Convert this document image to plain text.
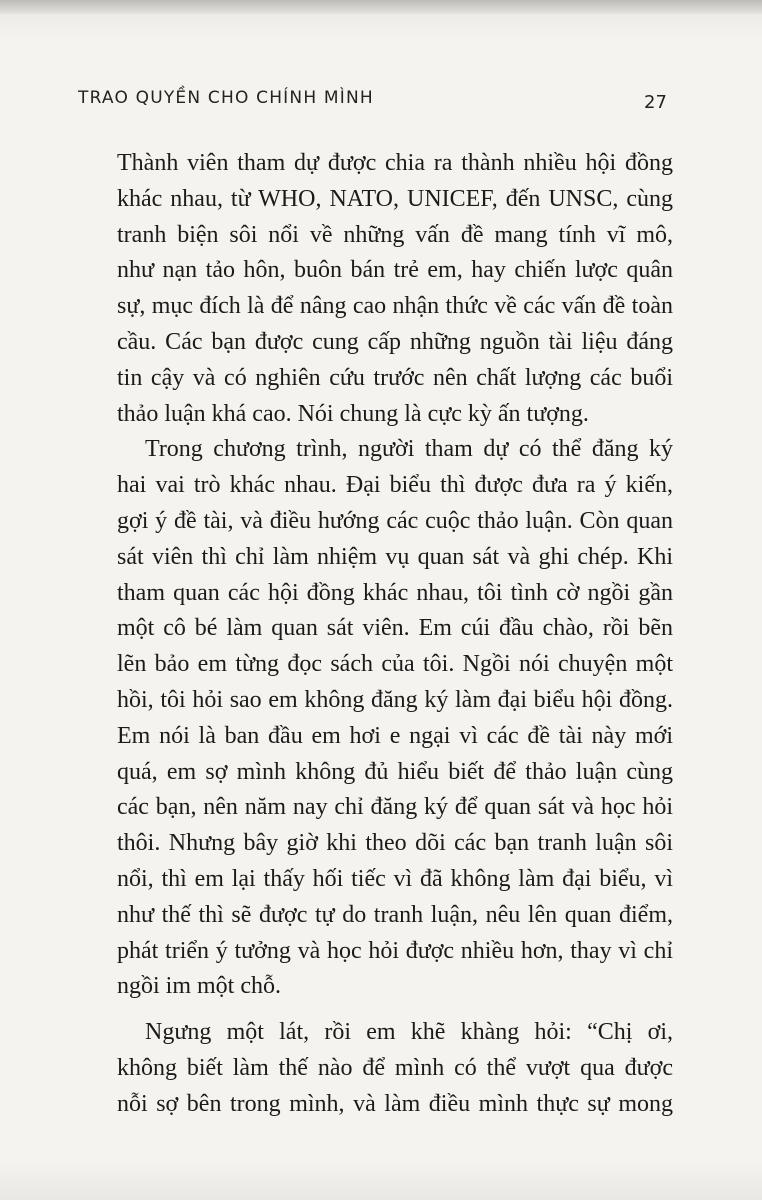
TRAO QUYỀN CHO CHÍNH MÌNH	27
Thành viên tham dự được chia ra thành nhiều hội đồng
khác nhau, từ WHO, NATO, UNICEF, đến UNSC, cùng
tranh biện sôi nổi về những vấn đề mang tính vĩ mô,
như nạn tảo hôn, buôn bán trẻ em, hay chiến lược quân
sự, mục đích là để nâng cao nhận thức về các vấn đề toàn
cầu. Các bạn được cung cấp những nguồn tài liệu đáng
tin cậy và có nghiên cứu trước nên chất lượng các buổi
thảo luận khá cao. Nói chung là cực kỳ ấn tượng.
Trong chương trình, người tham dự có thể đăng ký
hai vai trò khác nhau. Đại biểu thì được đưa ra ý kiến,
gợi ý đề tài, và điều hướng các cuộc thảo luận. Còn quan
sát viên thì chỉ làm nhiệm vụ quan sát và ghi chép. Khi
tham quan các hội đồng khác nhau, tôi tình cờ ngồi gần
một cô bé làm quan sát viên. Em cúi đầu chào, rồi bẽn
lẽn bảo em từng đọc sách của tôi. Ngồi nói chuyện một
hồi, tôi hỏi sao em không đăng ký làm đại biểu hội đồng.
Em nói là ban đầu em hơi e ngại vì các đề tài này mới
quá, em sợ mình không đủ hiểu biết để thảo luận cùng
các bạn, nên năm nay chỉ đăng ký để quan sát và học hỏi
thôi. Nhưng bây giờ khi theo dõi các bạn tranh luận sôi
nổi, thì em lại thấy hối tiếc vì đã không làm đại biểu, vì
như thế thì sẽ được tự do tranh luận, nêu lên quan điểm,
phát triển ý tưởng và học hỏi được nhiều hơn, thay vì chỉ
ngồi im một chỗ.
Ngưng một lát, rồi em khẽ khàng hỏi: “Chị ơi,
không biết làm thế nào để mình có thể vượt qua được
nỗi sợ bên trong mình, và làm điều mình thực sự mong
